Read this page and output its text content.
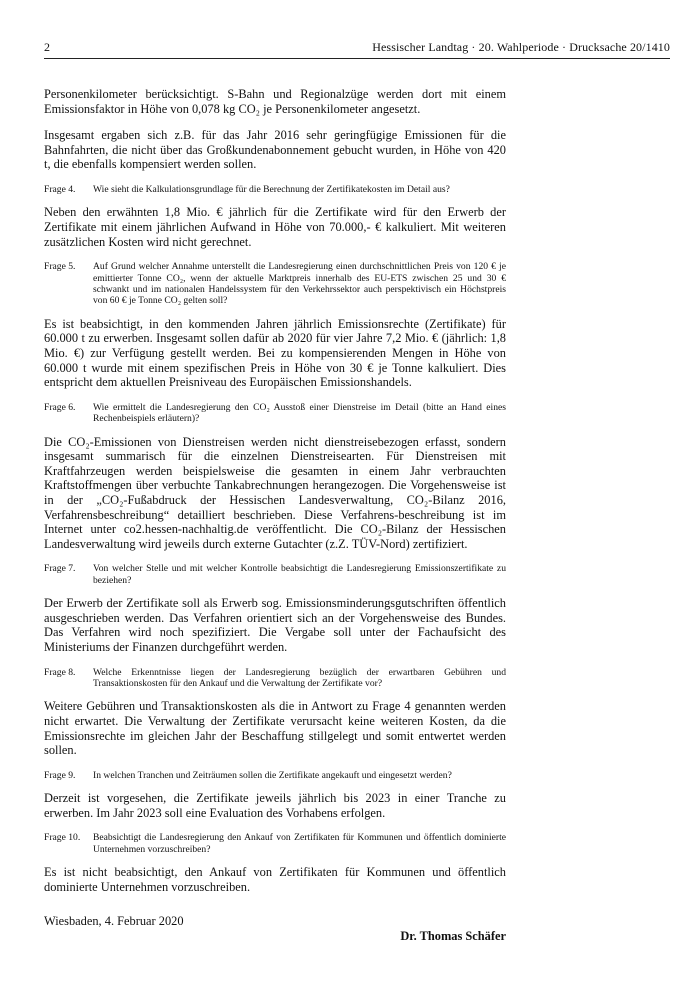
2	Hessischer Landtag · 20. Wahlperiode · Drucksache 20/1410

Personenkilometer berücksichtigt. S-Bahn und Regionalzüge werden dort mit einem Emissionsfaktor in Höhe von 0,078 kg CO₂ je Personenkilometer angesetzt.

Insgesamt ergaben sich z.B. für das Jahr 2016 sehr geringfügige Emissionen für die Bahnfahrten, die nicht über das Großkundenabonnement gebucht wurden, in Höhe von 420 t, die ebenfalls kompensiert werden sollen.

Frage 4.	Wie sieht die Kalkulationsgrundlage für die Berechnung der Zertifikatekosten im Detail aus?

Neben den erwähnten 1,8 Mio. € jährlich für die Zertifikate wird für den Erwerb der Zertifikate mit einem jährlichen Aufwand in Höhe von 70.000,- € kalkuliert. Mit weiteren zusätzlichen Kosten wird nicht gerechnet.

Frage 5.	Auf Grund welcher Annahme unterstellt die Landesregierung einen durchschnittlichen Preis von 120 € je emittierter Tonne CO₂, wenn der aktuelle Marktpreis innerhalb des EU-ETS zwischen 25 und 30 € schwankt und im nationalen Handelssystem für den Verkehrssektor auch perspektivisch ein Höchstpreis von 60 € je Tonne CO₂ gelten soll?

Es ist beabsichtigt, in den kommenden Jahren jährlich Emissionsrechte (Zertifikate) für 60.000 t zu erwerben. Insgesamt sollen dafür ab 2020 für vier Jahre 7,2 Mio. € (jährlich: 1,8 Mio. €) zur Verfügung gestellt werden. Bei zu kompensierenden Mengen in Höhe von 60.000 t wurde mit einem spezifischen Preis in Höhe von 30 € je Tonne kalkuliert. Dies entspricht dem aktuellen Preisniveau des Europäischen Emissionshandels.

Frage 6.	Wie ermittelt die Landesregierung den CO₂ Ausstoß einer Dienstreise im Detail (bitte an Hand eines Rechenbeispiels erläutern)?

Die CO₂-Emissionen von Dienstreisen werden nicht dienstreisebezogen erfasst, sondern insgesamt summarisch für die einzelnen Dienstreisearten. Für Dienstreisen mit Kraftfahrzeugen werden beispielsweise die gesamten in einem Jahr verbrauchten Kraftstoffmengen über verbuchte Tankabrechnungen herangezogen. Die Vorgehensweise ist in der „CO₂-Fußabdruck der Hessischen Landesverwaltung, CO₂-Bilanz 2016, Verfahrensbeschreibung“ detailliert beschrieben. Diese Verfahrens-beschreibung ist im Internet unter co2.hessen-nachhaltig.de veröffentlicht. Die CO₂-Bilanz der Hessischen Landesverwaltung wird jeweils durch externe Gutachter (z.Z. TÜV-Nord) zertifiziert.

Frage 7.	Von welcher Stelle und mit welcher Kontrolle beabsichtigt die Landesregierung Emissionszertifikate zu beziehen?

Der Erwerb der Zertifikate soll als Erwerb sog. Emissionsminderungsgutschriften öffentlich ausgeschrieben werden. Das Verfahren orientiert sich an der Vorgehensweise des Bundes. Das Verfahren wird noch spezifiziert. Die Vergabe soll unter der Fachaufsicht des Ministeriums der Finanzen durchgeführt werden.

Frage 8.	Welche Erkenntnisse liegen der Landesregierung bezüglich der erwartbaren Gebühren und Transaktionskosten für den Ankauf und die Verwaltung der Zertifikate vor?

Weitere Gebühren und Transaktionskosten als die in Antwort zu Frage 4 genannten werden nicht erwartet. Die Verwaltung der Zertifikate verursacht keine weiteren Kosten, da die Emissionsrechte im gleichen Jahr der Beschaffung stillgelegt und somit entwertet werden sollen.

Frage 9.	In welchen Tranchen und Zeiträumen sollen die Zertifikate angekauft und eingesetzt werden?

Derzeit ist vorgesehen, die Zertifikate jeweils jährlich bis 2023 in einer Tranche zu erwerben. Im Jahr 2023 soll eine Evaluation des Vorhabens erfolgen.

Frage 10.	Beabsichtigt die Landesregierung den Ankauf von Zertifikaten für Kommunen und öffentlich dominierte Unternehmen vorzuschreiben?

Es ist nicht beabsichtigt, den Ankauf von Zertifikaten für Kommunen und öffentlich dominierte Unternehmen vorzuschreiben.

Wiesbaden, 4. Februar 2020

Dr. Thomas Schäfer
